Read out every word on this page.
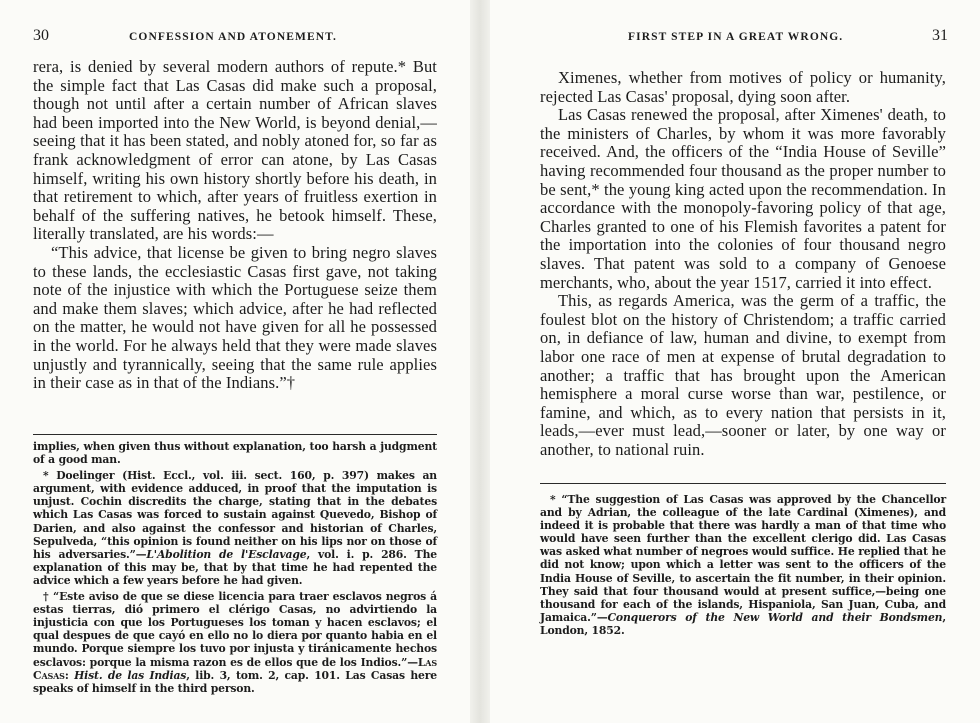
30	CONFESSION AND ATONEMENT.

rera, is denied by several modern authors of repute.* But the simple fact that Las Casas did make such a proposal, though not until after a certain number of African slaves had been imported into the New World, is beyond denial,—seeing that it has been stated, and nobly atoned for, so far as frank acknowledgment of error can atone, by Las Casas himself, writing his own history shortly before his death, in that retirement to which, after years of fruitless exertion in behalf of the suffering natives, he betook himself. These, literally translated, are his words:—

“This advice, that license be given to bring negro slaves to these lands, the ecclesiastic Casas first gave, not taking note of the injustice with which the Portuguese seize them and make them slaves; which advice, after he had reflected on the matter, he would not have given for all he possessed in the world. For he always held that they were made slaves unjustly and tyrannically, seeing that the same rule applies in their case as in that of the Indians.”†

implies, when given thus without explanation, too harsh a judgment of a good man.

* Doelinger (Hist. Eccl., vol. iii. sect. 160, p. 397) makes an argument, with evidence adduced, in proof that the imputation is unjust. Cochin discredits the charge, stating that in the debates which Las Casas was forced to sustain against Quevedo, Bishop of Darien, and also against the confessor and historian of Charles, Sepulveda, “this opinion is found neither on his lips nor on those of his adversaries.”—L'Abolition de l'Esclavage, vol. i. p. 286. The explanation of this may be, that by that time he had repented the advice which a few years before he had given.

† “Este aviso de que se diese licencia para traer esclavos negros á estas tierras, dió primero el clérigo Casas, no advirtiendo la injusticia con que los Portugueses los toman y hacen esclavos; el qual despues de que cayó en ello no lo diera por quanto habia en el mundo. Porque siempre los tuvo por injusta y tiránicamente hechos esclavos: porque la misma razon es de ellos que de los Indios.”—Las Casas: Hist. de las Indias, lib. 3, tom. 2, cap. 101. Las Casas here speaks of himself in the third person.

FIRST STEP IN A GREAT WRONG.	31

Ximenes, whether from motives of policy or humanity, rejected Las Casas' proposal, dying soon after.

Las Casas renewed the proposal, after Ximenes' death, to the ministers of Charles, by whom it was more favorably received. And, the officers of the “India House of Seville” having recommended four thousand as the proper number to be sent,* the young king acted upon the recommendation. In accordance with the monopoly-favoring policy of that age, Charles granted to one of his Flemish favorites a patent for the importation into the colonies of four thousand negro slaves. That patent was sold to a company of Genoese merchants, who, about the year 1517, carried it into effect.

This, as regards America, was the germ of a traffic, the foulest blot on the history of Christendom; a traffic carried on, in defiance of law, human and divine, to exempt from labor one race of men at expense of brutal degradation to another; a traffic that has brought upon the American hemisphere a moral curse worse than war, pestilence, or famine, and which, as to every nation that persists in it, leads,—ever must lead,—sooner or later, by one way or another, to national ruin.

* “The suggestion of Las Casas was approved by the Chancellor and by Adrian, the colleague of the late Cardinal (Ximenes), and indeed it is probable that there was hardly a man of that time who would have seen further than the excellent clerigo did. Las Casas was asked what number of negroes would suffice. He replied that he did not know; upon which a letter was sent to the officers of the India House of Seville, to ascertain the fit number, in their opinion. They said that four thousand would at present suffice,—being one thousand for each of the islands, Hispaniola, San Juan, Cuba, and Jamaica.”—Conquerors of the New World and their Bondsmen, London, 1852.
